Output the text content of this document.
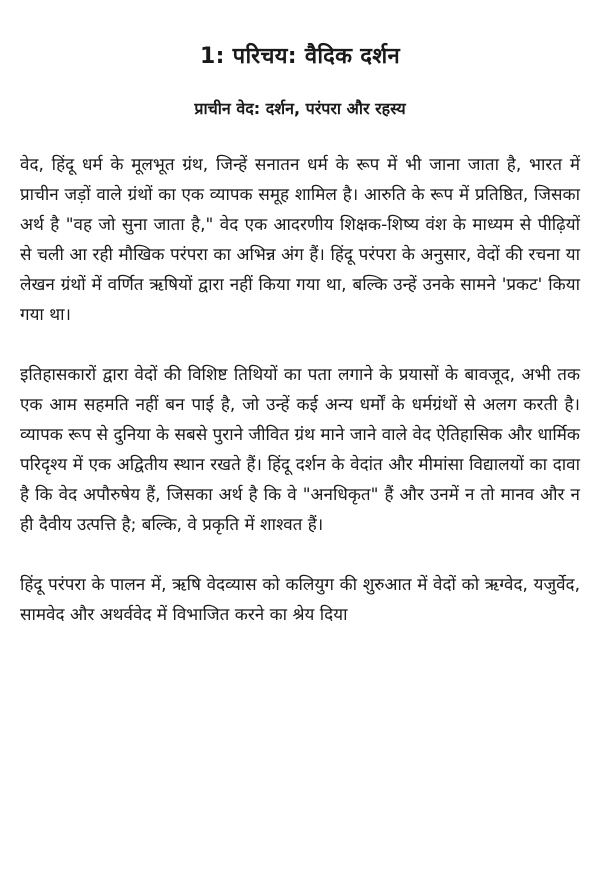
1: परिचय: वैदिक दर्शन
प्राचीन वेद: दर्शन, परंपरा और रहस्य

वेद, हिंदू धर्म के मूलभूत ग्रंथ, जिन्हें सनातन धर्म के रूप में भी जाना जाता है, भारत में प्राचीन जड़ों वाले ग्रंथों का एक व्यापक समूह शामिल है। आरुति के रूप में प्रतिष्ठित, जिसका अर्थ है "वह जो सुना जाता है," वेद एक आदरणीय शिक्षक-शिष्य वंश के माध्यम से पीढ़ियों से चली आ रही मौखिक परंपरा का अभिन्न अंग हैं। हिंदू परंपरा के अनुसार, वेदों की रचना या लेखन ग्रंथों में वर्णित ऋषियों द्वारा नहीं किया गया था, बल्कि उन्हें उनके सामने 'प्रकट' किया गया था।

इतिहासकारों द्वारा वेदों की विशिष्ट तिथियों का पता लगाने के प्रयासों के बावजूद, अभी तक एक आम सहमति नहीं बन पाई है, जो उन्हें कई अन्य धर्मों के धर्मग्रंथों से अलग करती है। व्यापक रूप से दुनिया के सबसे पुराने जीवित ग्रंथ माने जाने वाले वेद ऐतिहासिक और धार्मिक परिदृश्य में एक अद्वितीय स्थान रखते हैं। हिंदू दर्शन के वेदांत और मीमांसा विद्यालयों का दावा है कि वेद अपौरुषेय हैं, जिसका अर्थ है कि वे "अनधिकृत" हैं और उनमें न तो मानव और न ही दैवीय उत्पत्ति है; बल्कि, वे प्रकृति में शाश्वत हैं।

हिंदू परंपरा के पालन में, ऋषि वेदव्यास को कलियुग की शुरुआत में वेदों को ऋग्वेद, यजुर्वेद, सामवेद और अथर्ववेद में विभाजित करने का श्रेय दिया
